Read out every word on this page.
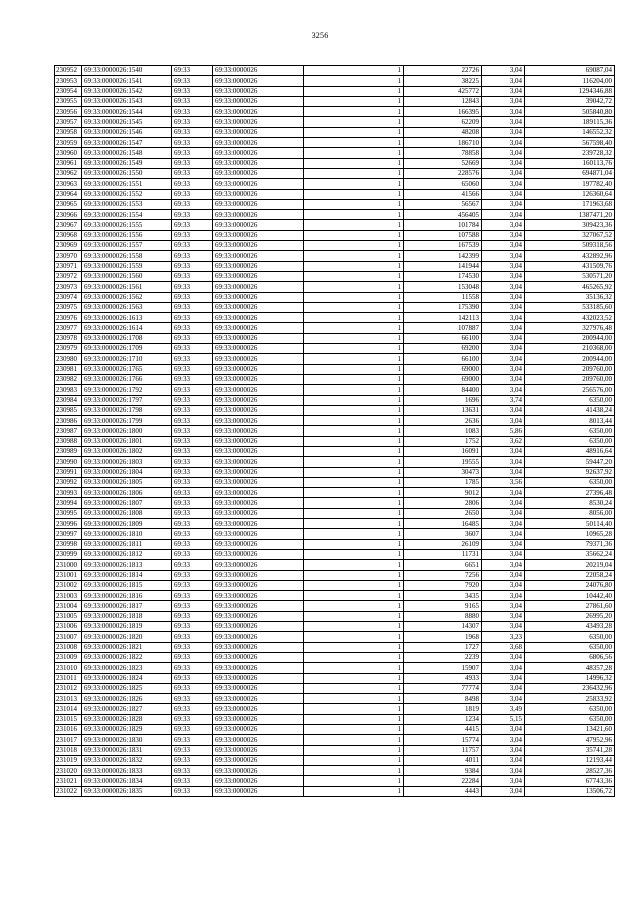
3256
230952	69:33:0000026:1540	69:33	69:33:0000026	1	22726	3,04	69087,04
230953	69:33:0000026:1541	69:33	69:33:0000026	1	38225	3,04	116204,00
230954	69:33:0000026:1542	69:33	69:33:0000026	1	425772	3,04	1294346,88
230955	69:33:0000026:1543	69:33	69:33:0000026	1	12843	3,04	39042,72
230956	69:33:0000026:1544	69:33	69:33:0000026	1	166395	3,04	505840,80
230957	69:33:0000026:1545	69:33	69:33:0000026	1	62209	3,04	189115,36
230958	69:33:0000026:1546	69:33	69:33:0000026	1	48208	3,04	146552,32
230959	69:33:0000026:1547	69:33	69:33:0000026	1	186710	3,04	567598,40
230960	69:33:0000026:1548	69:33	69:33:0000026	1	78858	3,04	239728,32
230961	69:33:0000026:1549	69:33	69:33:0000026	1	52669	3,04	160113,76
230962	69:33:0000026:1550	69:33	69:33:0000026	1	228576	3,04	694871,04
230963	69:33:0000026:1551	69:33	69:33:0000026	1	65060	3,04	197782,40
230964	69:33:0000026:1552	69:33	69:33:0000026	1	41566	3,04	126360,64
230965	69:33:0000026:1553	69:33	69:33:0000026	1	56567	3,04	171963,68
230966	69:33:0000026:1554	69:33	69:33:0000026	1	456405	3,04	1387471,20
230967	69:33:0000026:1555	69:33	69:33:0000026	1	101784	3,04	309423,36
230968	69:33:0000026:1556	69:33	69:33:0000026	1	107588	3,04	327067,52
230969	69:33:0000026:1557	69:33	69:33:0000026	1	167539	3,04	509318,56
230970	69:33:0000026:1558	69:33	69:33:0000026	1	142399	3,04	432892,96
230971	69:33:0000026:1559	69:33	69:33:0000026	1	141944	3,04	431509,76
230972	69:33:0000026:1560	69:33	69:33:0000026	1	174530	3,04	530571,20
230973	69:33:0000026:1561	69:33	69:33:0000026	1	153048	3,04	465265,92
230974	69:33:0000026:1562	69:33	69:33:0000026	1	11558	3,04	35136,32
230975	69:33:0000026:1563	69:33	69:33:0000026	1	175390	3,04	533185,60
230976	69:33:0000026:1613	69:33	69:33:0000026	1	142113	3,04	432023,52
230977	69:33:0000026:1614	69:33	69:33:0000026	1	107887	3,04	327976,48
230978	69:33:0000026:1708	69:33	69:33:0000026	1	66100	3,04	200944,00
230979	69:33:0000026:1709	69:33	69:33:0000026	1	69200	3,04	210368,00
230980	69:33:0000026:1710	69:33	69:33:0000026	1	66100	3,04	200944,00
230981	69:33:0000026:1765	69:33	69:33:0000026	1	69000	3,04	209760,00
230982	69:33:0000026:1766	69:33	69:33:0000026	1	69000	3,04	209760,00
230983	69:33:0000026:1792	69:33	69:33:0000026	1	84400	3,04	256576,00
230984	69:33:0000026:1797	69:33	69:33:0000026	1	1696	3,74	6350,00
230985	69:33:0000026:1798	69:33	69:33:0000026	1	13631	3,04	41438,24
230986	69:33:0000026:1799	69:33	69:33:0000026	1	2636	3,04	8013,44
230987	69:33:0000026:1800	69:33	69:33:0000026	1	1083	5,86	6350,00
230988	69:33:0000026:1801	69:33	69:33:0000026	1	1752	3,62	6350,00
230989	69:33:0000026:1802	69:33	69:33:0000026	1	16091	3,04	48916,64
230990	69:33:0000026:1803	69:33	69:33:0000026	1	19555	3,04	59447,20
230991	69:33:0000026:1804	69:33	69:33:0000026	1	30473	3,04	92637,92
230992	69:33:0000026:1805	69:33	69:33:0000026	1	1785	3,56	6350,00
230993	69:33:0000026:1806	69:33	69:33:0000026	1	9012	3,04	27396,48
230994	69:33:0000026:1807	69:33	69:33:0000026	1	2806	3,04	8530,24
230995	69:33:0000026:1808	69:33	69:33:0000026	1	2650	3,04	8056,00
230996	69:33:0000026:1809	69:33	69:33:0000026	1	16485	3,04	50114,40
230997	69:33:0000026:1810	69:33	69:33:0000026	1	3607	3,04	10965,28
230998	69:33:0000026:1811	69:33	69:33:0000026	1	26109	3,04	79371,36
230999	69:33:0000026:1812	69:33	69:33:0000026	1	11731	3,04	35662,24
231000	69:33:0000026:1813	69:33	69:33:0000026	1	6651	3,04	20219,04
231001	69:33:0000026:1814	69:33	69:33:0000026	1	7256	3,04	22058,24
231002	69:33:0000026:1815	69:33	69:33:0000026	1	7920	3,04	24076,80
231003	69:33:0000026:1816	69:33	69:33:0000026	1	3435	3,04	10442,40
231004	69:33:0000026:1817	69:33	69:33:0000026	1	9165	3,04	27861,60
231005	69:33:0000026:1818	69:33	69:33:0000026	1	8880	3,04	26995,20
231006	69:33:0000026:1819	69:33	69:33:0000026	1	14307	3,04	43493,28
231007	69:33:0000026:1820	69:33	69:33:0000026	1	1968	3,23	6350,00
231008	69:33:0000026:1821	69:33	69:33:0000026	1	1727	3,68	6350,00
231009	69:33:0000026:1822	69:33	69:33:0000026	1	2239	3,04	6806,56
231010	69:33:0000026:1823	69:33	69:33:0000026	1	15907	3,04	48357,28
231011	69:33:0000026:1824	69:33	69:33:0000026	1	4933	3,04	14996,32
231012	69:33:0000026:1825	69:33	69:33:0000026	1	77774	3,04	236432,96
231013	69:33:0000026:1826	69:33	69:33:0000026	1	8498	3,04	25833,92
231014	69:33:0000026:1827	69:33	69:33:0000026	1	1819	3,49	6350,00
231015	69:33:0000026:1828	69:33	69:33:0000026	1	1234	5,15	6350,00
231016	69:33:0000026:1829	69:33	69:33:0000026	1	4415	3,04	13421,60
231017	69:33:0000026:1830	69:33	69:33:0000026	1	15774	3,04	47952,96
231018	69:33:0000026:1831	69:33	69:33:0000026	1	11757	3,04	35741,28
231019	69:33:0000026:1832	69:33	69:33:0000026	1	4011	3,04	12193,44
231020	69:33:0000026:1833	69:33	69:33:0000026	1	9384	3,04	28527,36
231021	69:33:0000026:1834	69:33	69:33:0000026	1	22284	3,04	67743,36
231022	69:33:0000026:1835	69:33	69:33:0000026	1	4443	3,04	13506,72
